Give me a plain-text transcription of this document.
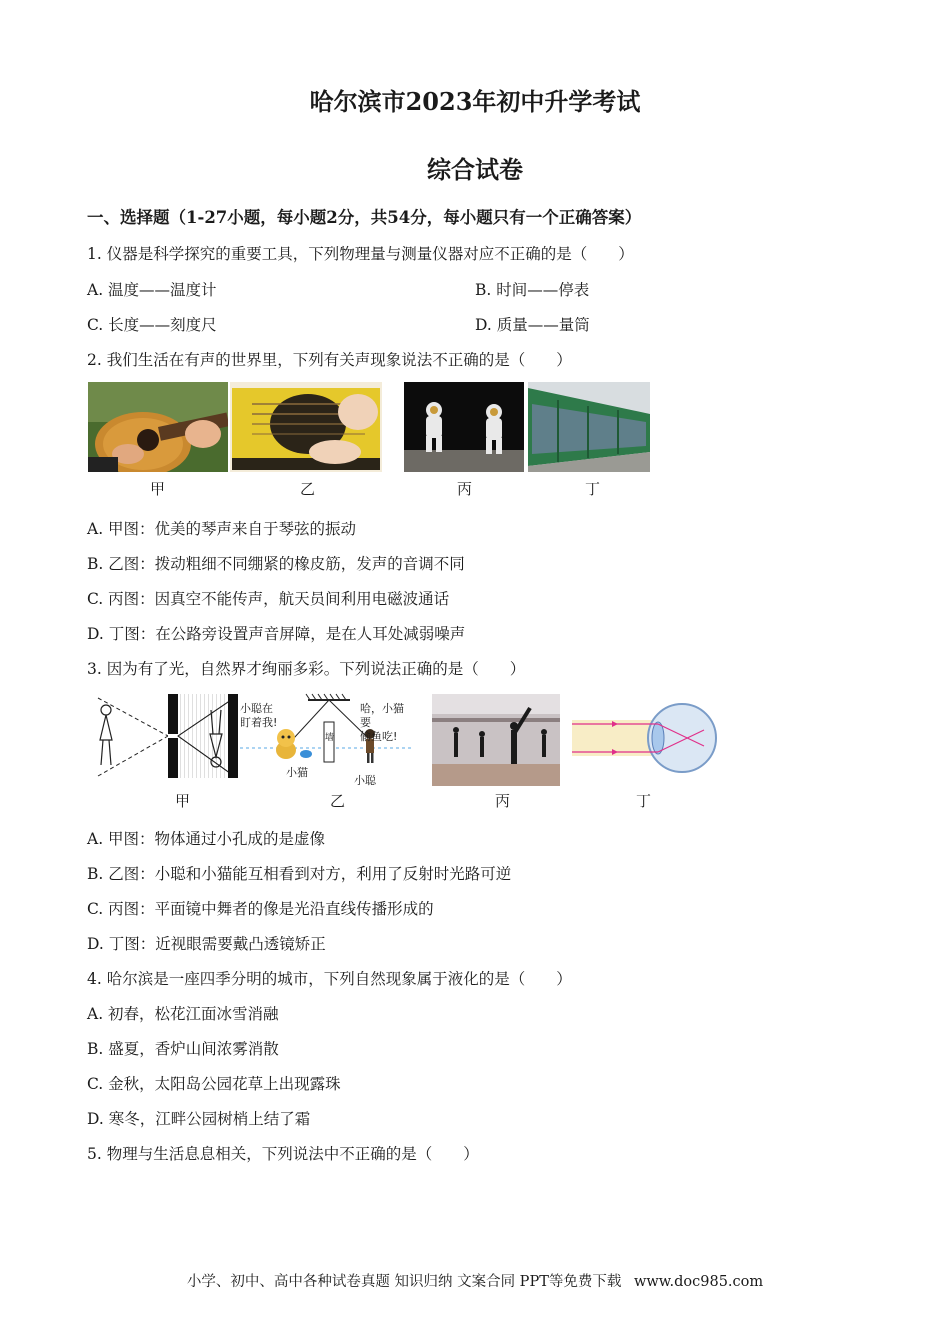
哈尔滨市2023年初中升学考试
综合试卷
一、选择题（1-27小题，每小题2分，共54分，每小题只有一个正确答案）
1. 仪器是科学探究的重要工具，下列物理量与测量仪器对应不正确的是（　　）
A. 温度——温度计	B. 时间——停表
C. 长度——刻度尺	D. 质量——量筒
2. 我们生活在有声的世界里，下列有关声现象说法不正确的是（　　）
甲	乙	丙	丁
A. 甲图：优美的琴声来自于琴弦的振动
B. 乙图：拨动粗细不同绷紧的橡皮筋，发声的音调不同
C. 丙图：因真空不能传声，航天员间利用电磁波通话
D. 丁图：在公路旁设置声音屏障，是在人耳处减弱噪声
3. 因为有了光，自然界才绚丽多彩。下列说法正确的是（　　）
小聪在
盯着我!
哈，小猫要
偷鱼吃!
墙
小猫
小聪
甲	乙	丙	丁
A. 甲图：物体通过小孔成的是虚像
B. 乙图：小聪和小猫能互相看到对方，利用了反射时光路可逆
C. 丙图：平面镜中舞者的像是光沿直线传播形成的
D. 丁图：近视眼需要戴凸透镜矫正
4. 哈尔滨是一座四季分明的城市，下列自然现象属于液化的是（　　）
A. 初春，松花江面冰雪消融
B. 盛夏，香炉山间浓雾消散
C. 金秋，太阳岛公园花草上出现露珠
D. 寒冬，江畔公园树梢上结了霜
5. 物理与生活息息相关，下列说法中不正确的是（　　）
小学、初中、高中各种试卷真题 知识归纳 文案合同 PPT等免费下载 www.doc985.com
